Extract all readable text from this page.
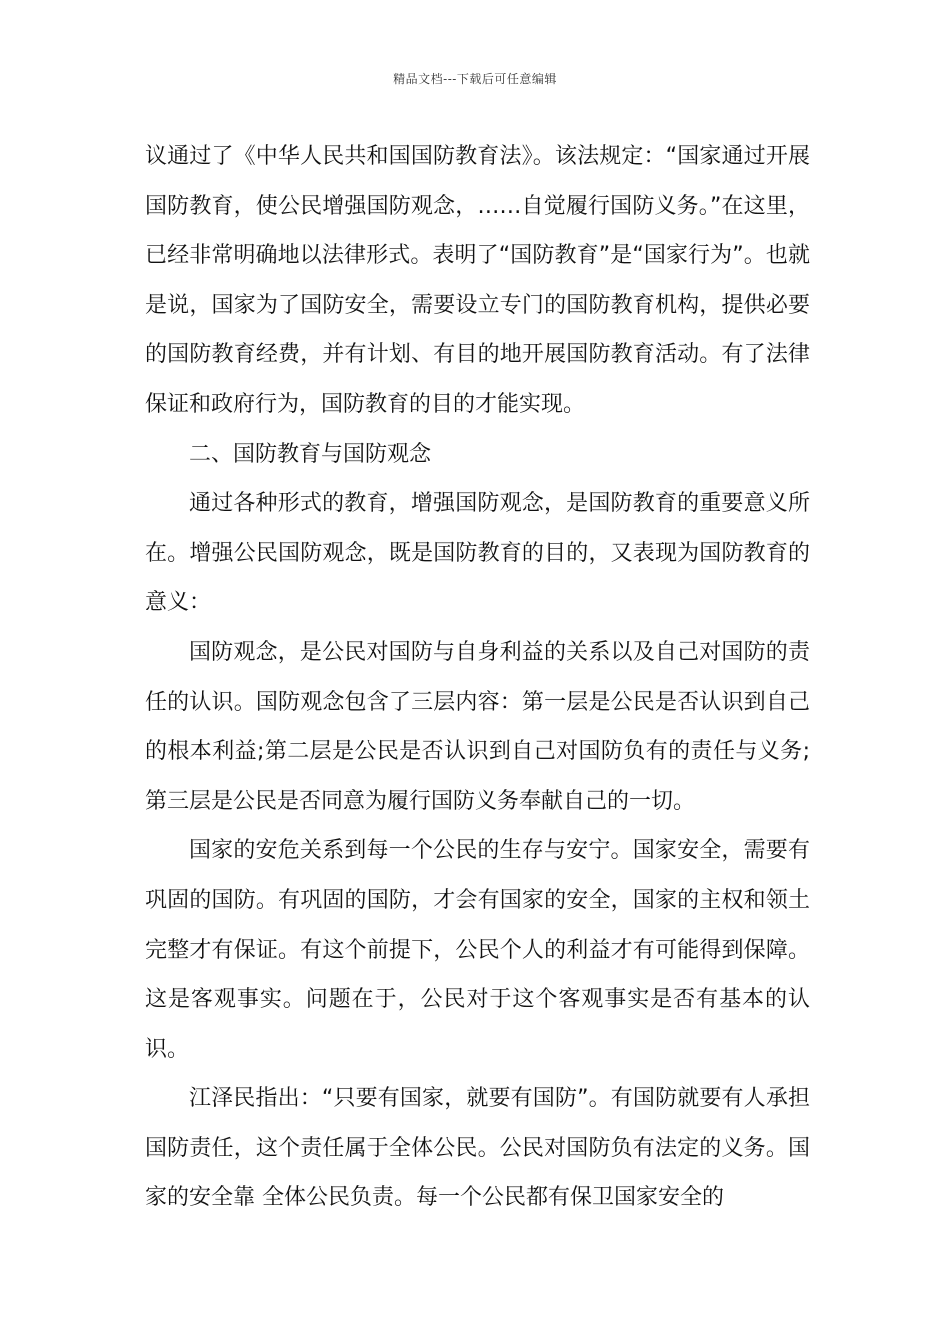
精品文档---下载后可任意编辑

议通过了《中华人民共和国国防教育法》。该法规定：“国家通过开展国防教育，使公民增强国防观念，……自觉履行国防义务。”在这里，已经非常明确地以法律形式。表明了“国防教育”是“国家行为”。也就是说，国家为了国防安全，需要设立专门的国防教育机构，提供必要的国防教育经费，并有计划、有目的地开展国防教育活动。有了法律保证和政府行为，国防教育的目的才能实现。

二、国防教育与国防观念

通过各种形式的教育，增强国防观念，是国防教育的重要意义所在。增强公民国防观念，既是国防教育的目的，又表现为国防教育的意义：

国防观念，是公民对国防与自身利益的关系以及自己对国防的责任的认识。国防观念包含了三层内容：第一层是公民是否认识到自己的根本利益;第二层是公民是否认识到自己对国防负有的责任与义务;第三层是公民是否同意为履行国防义务奉献自己的一切。

国家的安危关系到每一个公民的生存与安宁。国家安全，需要有巩固的国防。有巩固的国防，才会有国家的安全，国家的主权和领土完整才有保证。有这个前提下，公民个人的利益才有可能得到保障。这是客观事实。问题在于，公民对于这个客观事实是否有基本的认识。

江泽民指出：“只要有国家，就要有国防”。有国防就要有人承担国防责任，这个责任属于全体公民。公民对国防负有法定的义务。国家的安全靠 全体公民负责。每一个公民都有保卫国家安全的
